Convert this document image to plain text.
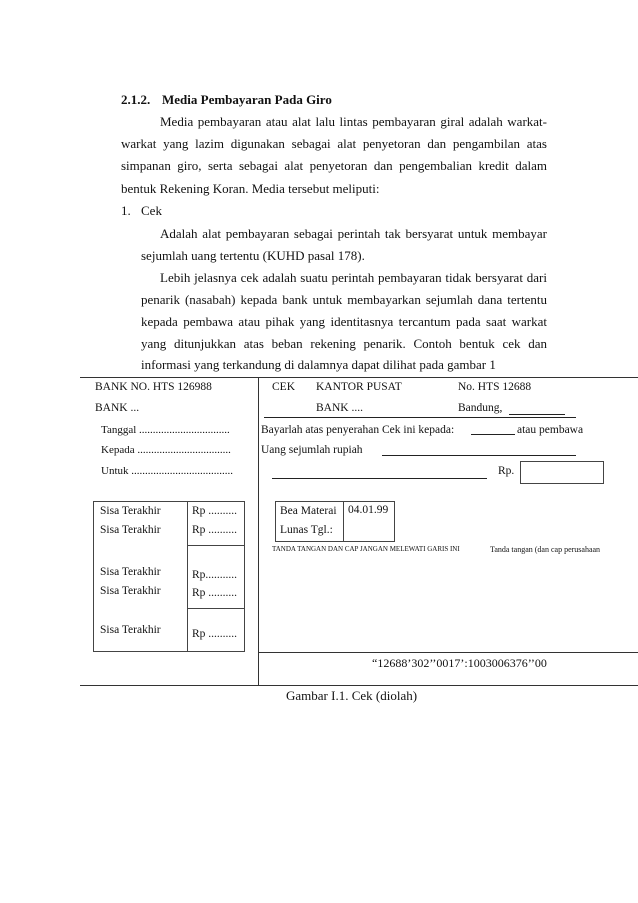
2.1.2. Media Pembayaran Pada Giro
Media pembayaran atau alat lalu lintas pembayaran giral adalah warkat-
warkat yang lazim digunakan sebagai alat penyetoran dan pengambilan atas
simpanan giro, serta sebagai alat penyetoran dan pengembalian kredit dalam
bentuk Rekening Koran. Media tersebut meliputi:
1. Cek
Adalah alat pembayaran sebagai perintah tak bersyarat untuk membayar
sejumlah uang tertentu (KUHD pasal 178).
Lebih jelasnya cek adalah suatu perintah pembayaran tidak bersyarat dari
penarik (nasabah) kepada bank untuk membayarkan sejumlah dana tertentu
kepada pembawa atau pihak yang identitasnya tercantum pada saat warkat
yang ditunjukkan atas beban rekening penarik. Contoh bentuk cek dan
informasi yang terkandung di dalamnya dapat dilihat pada gambar 1
BANK NO. HTS 126988
BANK ...
Tanggal .................................
Kepada ..................................
Untuk .....................................
Sisa Terakhir	Rp ..........
Sisa Terakhir	Rp ..........
Sisa Terakhir	Rp...........
Sisa Terakhir	Rp ..........
Sisa Terakhir	Rp ..........
CEK KANTOR PUSAT	No. HTS 12688
BANK ....	Bandung,
Bayarlah atas penyerahan Cek ini kepada:	atau pembawa
Uang sejumlah rupiah
Rp.
Bea Materai 04.01.99
Lunas Tgl.:
TANDA TANGAN DAN CAP JANGAN MELEWATI GARIS INI	Tanda tangan (dan cap perusahaan
“12688’302’’0017’:1003006376’’00
Gambar I.1. Cek (diolah)
